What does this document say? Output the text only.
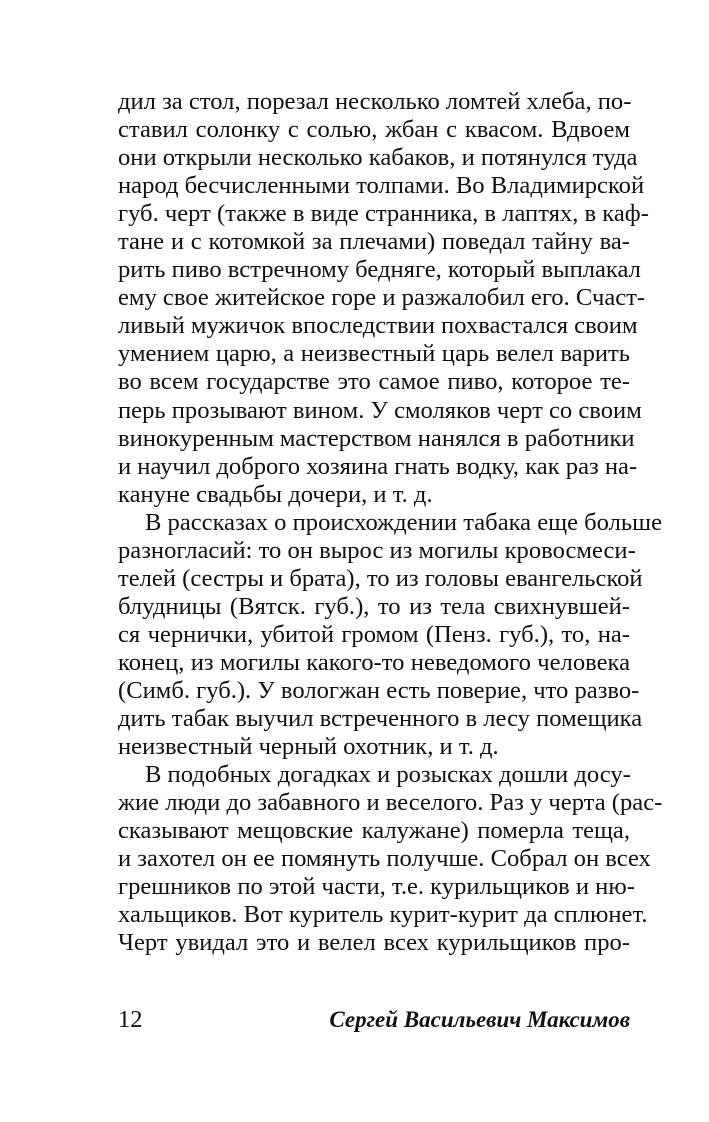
дил за стол, порезал несколько ломтей хлеба, по-
ставил солонку с солью, жбан с квасом. Вдвоем
они открыли несколько кабаков, и потянулся туда
народ бесчисленными толпами. Во Владимирской
губ. черт (также в виде странника, в лаптях, в каф-
тане и с котомкой за плечами) поведал тайну ва-
рить пиво встречному бедняге, который выплакал
ему свое житейское горе и разжалобил его. Счаст-
ливый мужичок впоследствии похвастался своим
умением царю, а неизвестный царь велел варить
во всем государстве это самое пиво, которое те-
перь прозывают вином. У смоляков черт со своим
винокуренным мастерством нанялся в работники
и научил доброго хозяина гнать водку, как раз на-
кануне свадьбы дочери, и т. д.
В рассказах о происхождении табака еще больше
разногласий: то он вырос из могилы кровосмеси-
телей (сестры и брата), то из головы евангельской
блудницы (Вятск. губ.), то из тела свихнувшей-
ся чернички, убитой громом (Пенз. губ.), то, на-
конец, из могилы какого-то неведомого человека
(Симб. губ.). У вологжан есть поверие, что разво-
дить табак выучил встреченного в лесу помещика
неизвестный черный охотник, и т. д.
В подобных догадках и розысках дошли досу-
жие люди до забавного и веселого. Раз у черта (рас-
сказывают мещовские калужане) померла теща,
и захотел он ее помянуть получше. Собрал он всех
грешников по этой части, т.е. курильщиков и ню-
хальщиков. Вот куритель курит-курит да сплюнет.
Черт увидал это и велел всех курильщиков про-
12	Сергей Васильевич Максимов
